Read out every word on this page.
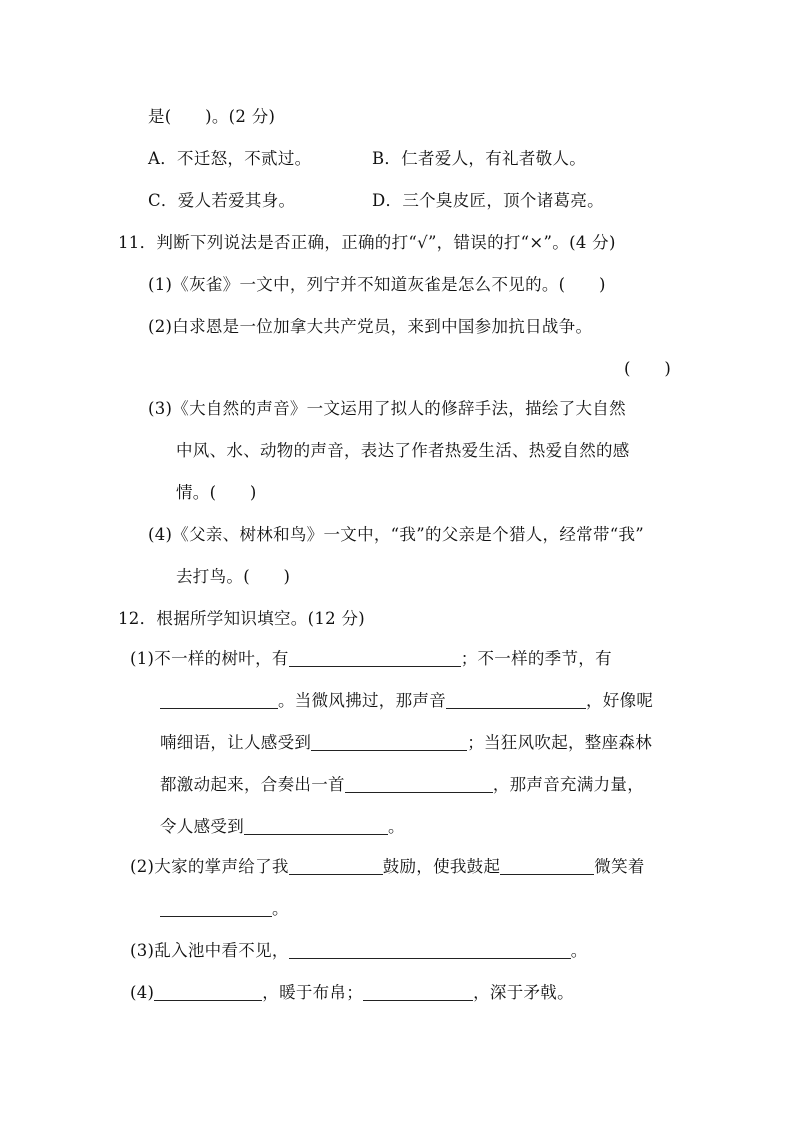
是(　　)。(2 分)
A．不迁怒，不贰过。	B．仁者爱人，有礼者敬人。
C．爱人若爱其身。	D．三个臭皮匠，顶个诸葛亮。
11．判断下列说法是否正确，正确的打“√”，错误的打“×”。(4 分)
(1)《灰雀》一文中，列宁并不知道灰雀是怎么不见的。(　　)
(2)白求恩是一位加拿大共产党员，来到中国参加抗日战争。
(　　)
(3)《大自然的声音》一文运用了拟人的修辞手法，描绘了大自然
中风、水、动物的声音，表达了作者热爱生活、热爱自然的感
情。(　　)
(4)《父亲、树林和鸟》一文中，“我”的父亲是个猎人，经常带“我”
去打鸟。(　　)
12．根据所学知识填空。(12 分)
(1)不一样的树叶，有	；不一样的季节，有
。当微风拂过，那声音	，好像呢
喃细语，让人感受到	；当狂风吹起，整座森林
都激动起来，合奏出一首	，那声音充满力量，
令人感受到	。
(2)大家的掌声给了我	鼓励，使我鼓起	微笑着
。
(3)乱入池中看不见，	。
(4)	，暖于布帛；	，深于矛戟。
